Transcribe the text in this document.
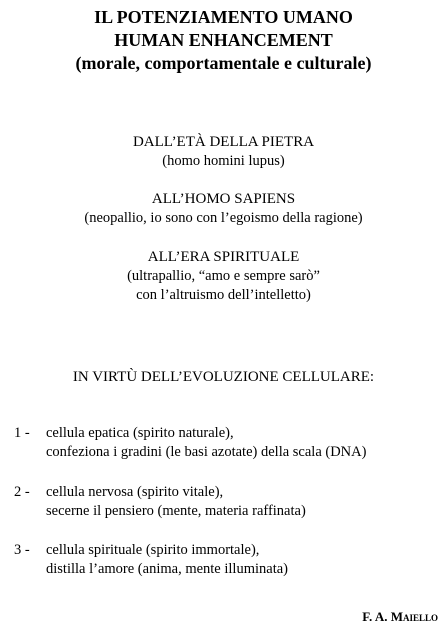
IL POTENZIAMENTO UMANO
HUMAN ENHANCEMENT
(morale, comportamentale e culturale)
DALL’ETÀ DELLA PIETRA
(homo homini lupus)
ALL’HOMO SAPIENS
(neopallio, io sono con l’egoismo della ragione)
ALL’ERA SPIRITUALE
(ultrapallio, “amo e sempre sarò”
con l’altruismo dell’intelletto)
IN VIRTÙ DELL’EVOLUZIONE CELLULARE:
1 - cellula epatica (spirito naturale),
confeziona i gradini (le basi azotate) della scala (DNA)
2 - cellula nervosa (spirito vitale),
secerne il pensiero (mente, materia raffinata)
3 - cellula spirituale (spirito immortale),
distilla l’amore (anima, mente illuminata)
F. A. Maiello
